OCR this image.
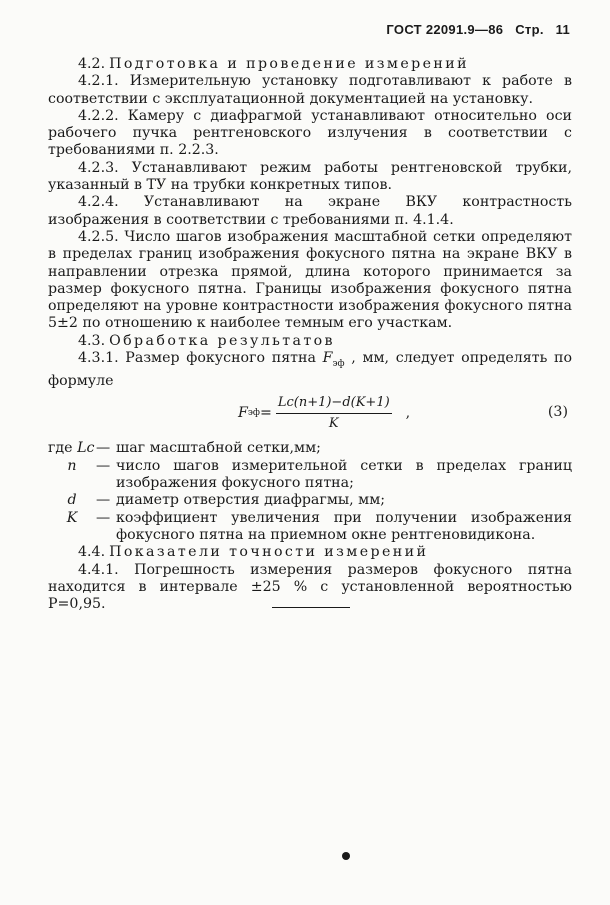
ГОСТ 22091.9—86 Стр. 11

4.2. Подготовка и проведение измерений

4.2.1. Измерительную установку подготавливают к работе в соответствии с эксплуатационной документацией на установку.

4.2.2. Камеру с диафрагмой устанавливают относительно оси рабочего пучка рентгеновского излучения в соответствии с требованиями п. 2.2.3.

4.2.3. Устанавливают режим работы рентгеновской трубки, указанный в ТУ на трубки конкретных типов.

4.2.4. Устанавливают на экране ВКУ контрастность изображения в соответствии с требованиями п. 4.1.4.

4.2.5. Число шагов изображения масштабной сетки определяют в пределах границ изображения фокусного пятна на экране ВКУ в направлении отрезка прямой, длина которого принимается за размер фокусного пятна. Границы изображения фокусного пятна определяют на уровне контрастности изображения фокусного пятна 5±2 по отношению к наиболее темным его участкам.

4.3. Обработка результатов

4.3.1. Размер фокусного пятна $F_{эф}$ , мм, следует определять по формуле

F эф = $\frac{Lc(n+1)-d(K+1)}{K}$ ,	(3)
где Lc — шаг масштабной сетки,мм;
n	— число шагов измерительной сетки в пределах границ изображения фокусного пятна;
d	— диаметр отверстия диафрагмы, мм;
K	— коэффициент увеличения при получении изображения фокусного пятна на приемном окне рентгеновидикона.

4.4. Показатели точности измерений

4.4.1. Погрешность измерения размеров фокусного пятна находится в интервале ±25 % с установленной вероятностью P=0,95.
